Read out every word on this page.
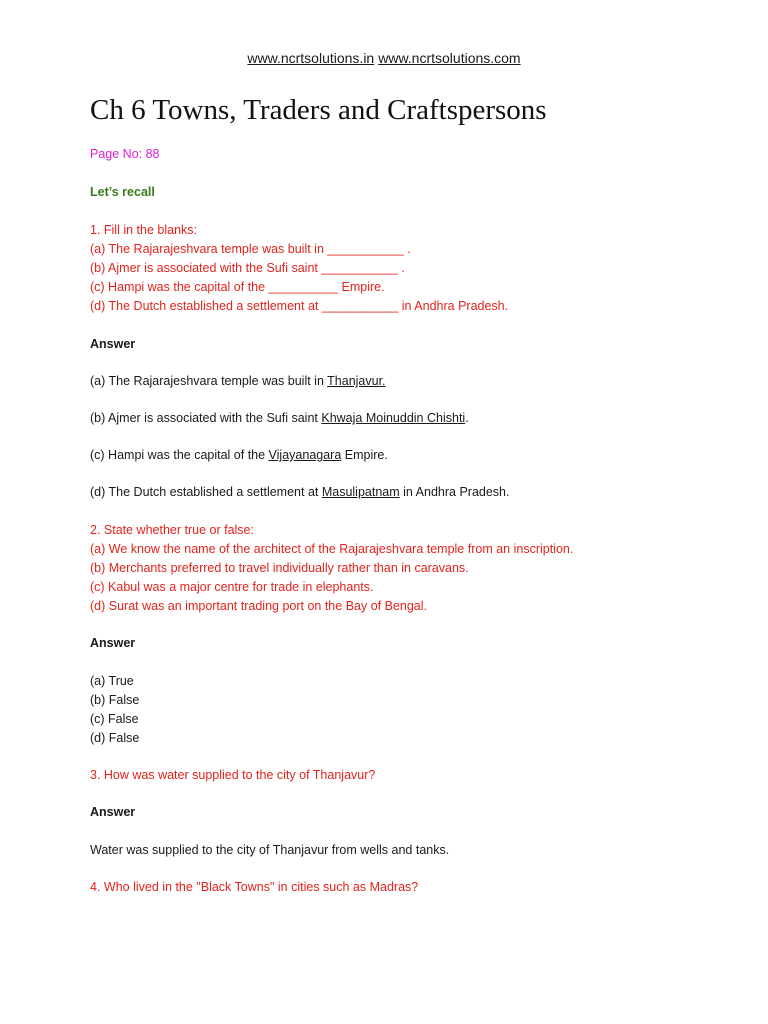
www.ncrtsolutions.in www.ncrtsolutions.com
Ch 6 Towns, Traders and Craftspersons
Page No: 88
Let’s recall
1. Fill in the blanks:
(a) The Rajarajeshvara temple was built in ___________ .
(b) Ajmer is associated with the Sufi saint ___________ .
(c) Hampi was the capital of the __________ Empire.
(d) The Dutch established a settlement at ___________ in Andhra Pradesh.
Answer
(a) The Rajarajeshvara temple was built in Thanjavur.
(b) Ajmer is associated with the Sufi saint Khwaja Moinuddin Chishti.
(c) Hampi was the capital of the Vijayanagara Empire.
(d) The Dutch established a settlement at Masulipatnam in Andhra Pradesh.
2. State whether true or false:
(a) We know the name of the architect of the Rajarajeshvara temple from an inscription.
(b) Merchants preferred to travel individually rather than in caravans.
(c) Kabul was a major centre for trade in elephants.
(d) Surat was an important trading port on the Bay of Bengal.
Answer
(a) True
(b) False
(c) False
(d) False
3. How was water supplied to the city of Thanjavur?
Answer
Water was supplied to the city of Thanjavur from wells and tanks.
4. Who lived in the "Black Towns" in cities such as Madras?
